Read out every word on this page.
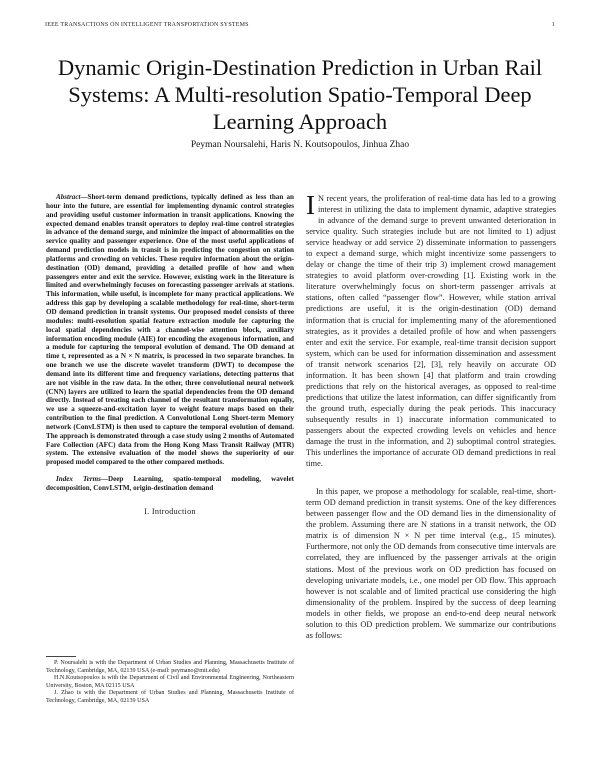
IEEE TRANSACTIONS ON INTELLIGENT TRANSPORTATION SYSTEMS	1
Dynamic Origin-Destination Prediction in Urban Rail Systems: A Multi-resolution Spatio-Temporal Deep Learning Approach
Peyman Noursalehi, Haris N. Koutsopoulos, Jinhua Zhao

Abstract—Short-term demand predictions, typically defined as less than an hour into the future, are essential for implementing dynamic control strategies and providing useful customer information in transit applications. Knowing the expected demand enables transit operators to deploy real-time control strategies in advance of the demand surge, and minimize the impact of abnormalities on the service quality and passenger experience. One of the most useful applications of demand prediction models in transit is in predicting the congestion on station platforms and crowding on vehicles. These require information about the origin-destination (OD) demand, providing a detailed profile of how and when passengers enter and exit the service. However, existing work in the literature is limited and overwhelmingly focuses on forecasting passenger arrivals at stations. This information, while useful, is incomplete for many practical applications. We address this gap by developing a scalable methodology for real-time, short-term OD demand prediction in transit systems. Our proposed model consists of three modules: multi-resolution spatial feature extraction module for capturing the local spatial dependencies with a channel-wise attention block, auxiliary information encoding module (AIE) for encoding the exogenous information, and a module for capturing the temporal evolution of demand. The OD demand at time t, represented as a N × N matrix, is processed in two separate branches. In one branch we use the discrete wavelet transform (DWT) to decompose the demand into its different time and frequency variations, detecting patterns that are not visible in the raw data. In the other, three convolutional neural network (CNN) layers are utilized to learn the spatial dependencies from the OD demand directly. Instead of treating each channel of the resultant transformation equally, we use a squeeze-and-excitation layer to weight feature maps based on their contribution to the final prediction. A Convolutional Long Short-term Memory network (ConvLSTM) is then used to capture the temporal evolution of demand. The approach is demonstrated through a case study using 2 months of Automated Fare Collection (AFC) data from the Hong Kong Mass Transit Railway (MTR) system. The extensive evaluation of the model shows the superiority of our proposed model compared to the other compared methods.

Index Terms—Deep Learning, spatio-temporal modeling, wavelet decomposition, ConvLSTM, origin-destination demand

I. Introduction

P. Noursalehi is with the Department of Urban Studies and Planning, Massachusetts Institute of Technology, Cambridge, MA, 02139 USA (e-mail: peymano@mit.edu)

H.N.Koutsopoulos is with the Department of Civil and Environmental Engineering, Northeastern University, Boston, MA 02115 USA

J. Zhao is with the Department of Urban Studies and Planning, Massachusetts Institute of Technology, Cambridge, MA, 02139 USA

I N recent years, the proliferation of real-time data has led to a growing interest in utilizing the data to implement dynamic, adaptive strategies in advance of the demand surge to prevent unwanted deterioration in service quality. Such strategies include but are not limited to 1) adjust service headway or add service 2) disseminate information to passengers to expect a demand surge, which might incentivize some passengers to delay or change the time of their trip 3) implement crowd management strategies to avoid platform over-crowding [1]. Existing work in the literature overwhelmingly focus on short-term passenger arrivals at stations, often called “passenger flow”. However, while station arrival predictions are useful, it is the origin-destination (OD) demand information that is crucial for implementing many of the aforementioned strategies, as it provides a detailed profile of how and when passengers enter and exit the service. For example, real-time transit decision support system, which can be used for information dissemination and assessment of transit network scenarios [2], [3], rely heavily on accurate OD information. It has been shown [4] that platform and train crowding predictions that rely on the historical averages, as opposed to real-time predictions that utilize the latest information, can differ significantly from the ground truth, especially during the peak periods. This inaccuracy subsequently results in 1) inaccurate information communicated to passengers about the expected crowding levels on vehicles and hence damage the trust in the information, and 2) suboptimal control strategies. This underlines the importance of accurate OD demand predictions in real time.

In this paper, we propose a methodology for scalable, real-time, short-term OD demand prediction in transit systems. One of the key differences between passenger flow and the OD demand lies in the dimensionality of the problem. Assuming there are N stations in a transit network, the OD matrix is of dimension N × N per time interval (e.g., 15 minutes). Furthermore, not only the OD demands from consecutive time intervals are correlated, they are influenced by the passenger arrivals at the origin stations. Most of the previous work on OD prediction has focused on developing univariate models, i.e., one model per OD flow. This approach however is not scalable and of limited practical use considering the high dimensionality of the problem. Inspired by the success of deep learning models in other fields, we propose an end-to-end deep neural network solution to this OD prediction problem. We summarize our contributions as follows:
